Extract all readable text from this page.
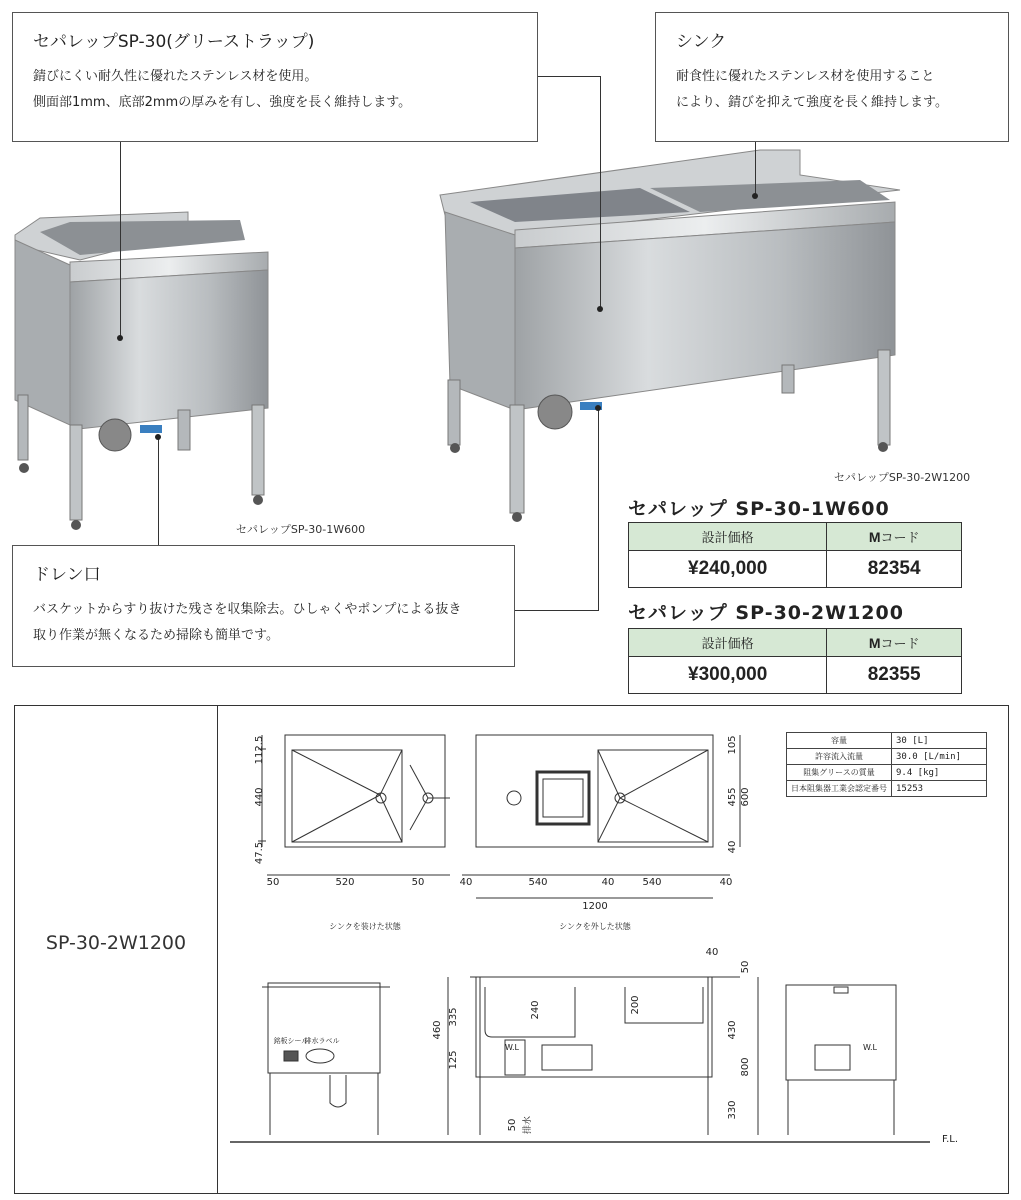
セパレップSP-30(グリーストラップ)
錆びにくい耐久性に優れたステンレス材を使用。
側面部1mm、底部2mmの厚みを有し、強度を長く維持します。
シンク
耐食性に優れたステンレス材を使用すること
により、錆びを抑えて強度を長く維持します。
セパレップSP-30-1W600
セパレップSP-30-2W1200
ドレン口
バスケットからすり抜けた残さを収集除去。ひしゃくやポンプによる抜き
取り作業が無くなるため掃除も簡単です。
セパレップ SP-30-1W600
設計価格	Mコード
¥240,000	82354
セパレップ SP-30-2W1200
設計価格	Mコード
¥300,000	82355
SP-30-2W1200
容量	30 [L]
許容流入流量	30.0 [L/min]
阻集グリースの質量	9.4 [kg]
日本阻集器工業会認定番号	15253
112.5
440
47.5
105
455
40
600
460
335
125
240	200
50
430
800
330
50 排水
50	520	50	40	540	40	540	40
1200
40
W.L	W.L
F.L.
シンクを装けた状態	シンクを外した状態
銘板シール
排水ラベル
